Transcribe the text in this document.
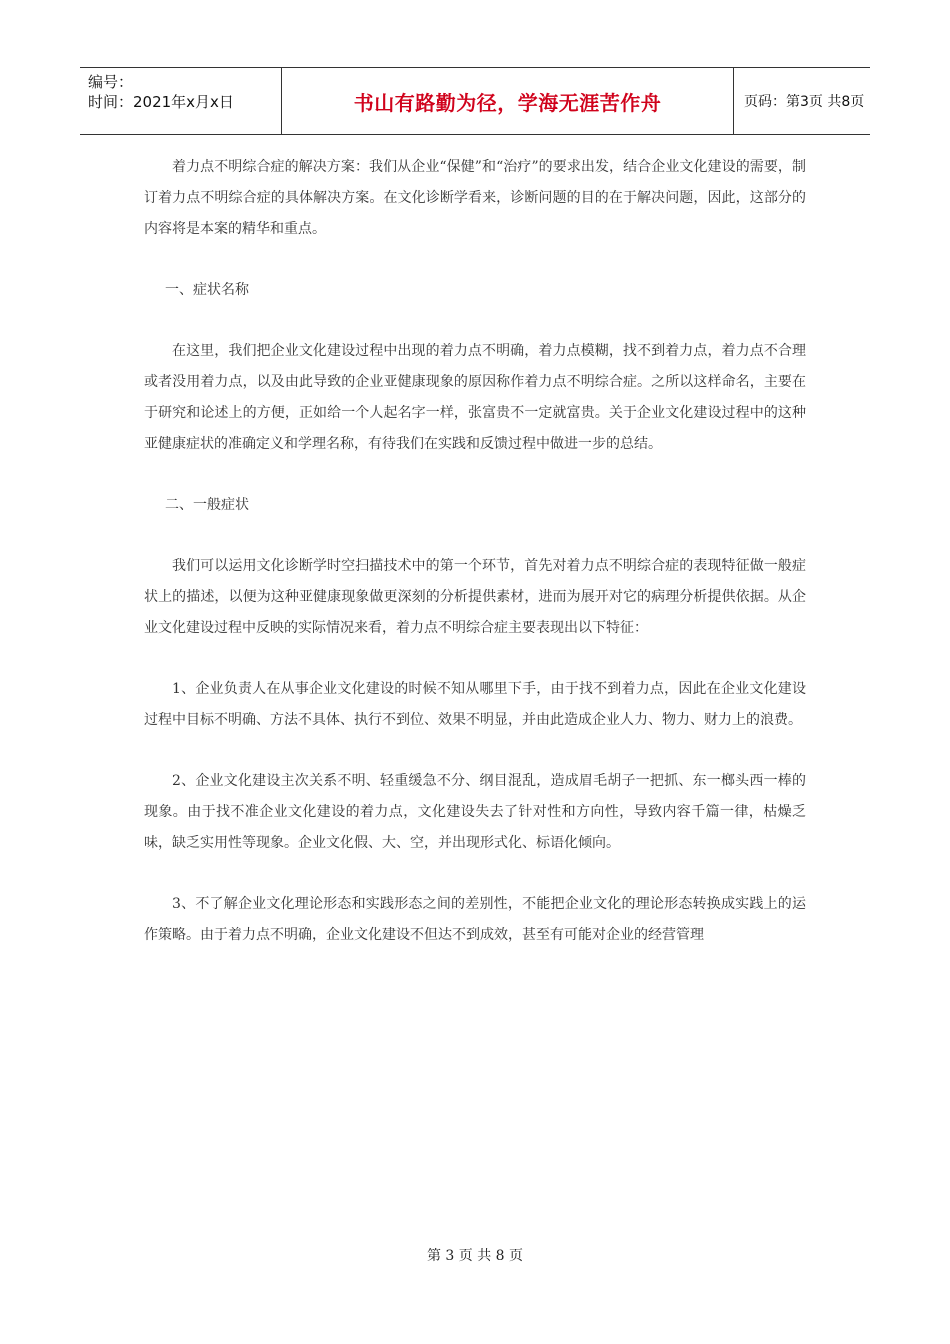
编号：
时间：2021年x月x日	书山有路勤为径，学海无涯苦作舟	页码：第3页 共8页

着力点不明综合症的解决方案：我们从企业“保健”和“治疗”的要求出发，结合企业文化建设的需要，制订着力点不明综合症的具体解决方案。在文化诊断学看来，诊断问题的目的在于解决问题，因此，这部分的内容将是本案的精华和重点。

一、症状名称

在这里，我们把企业文化建设过程中出现的着力点不明确，着力点模糊，找不到着力点，着力点不合理或者没用着力点，以及由此导致的企业亚健康现象的原因称作着力点不明综合症。之所以这样命名，主要在于研究和论述上的方便，正如给一个人起名字一样，张富贵不一定就富贵。关于企业文化建设过程中的这种亚健康症状的准确定义和学理名称，有待我们在实践和反馈过程中做进一步的总结。

二、一般症状

我们可以运用文化诊断学时空扫描技术中的第一个环节，首先对着力点不明综合症的表现特征做一般症状上的描述，以便为这种亚健康现象做更深刻的分析提供素材，进而为展开对它的病理分析提供依据。从企业文化建设过程中反映的实际情况来看，着力点不明综合症主要表现出以下特征：

1、企业负责人在从事企业文化建设的时候不知从哪里下手，由于找不到着力点，因此在企业文化建设过程中目标不明确、方法不具体、执行不到位、效果不明显，并由此造成企业人力、物力、财力上的浪费。

2、企业文化建设主次关系不明、轻重缓急不分、纲目混乱，造成眉毛胡子一把抓、东一榔头西一棒的现象。由于找不准企业文化建设的着力点，文化建设失去了针对性和方向性，导致内容千篇一律，枯燥乏味，缺乏实用性等现象。企业文化假、大、空，并出现形式化、标语化倾向。

3、不了解企业文化理论形态和实践形态之间的差别性，不能把企业文化的理论形态转换成实践上的运作策略。由于着力点不明确，企业文化建设不但达不到成效，甚至有可能对企业的经营管理

第 3 页 共 8 页
